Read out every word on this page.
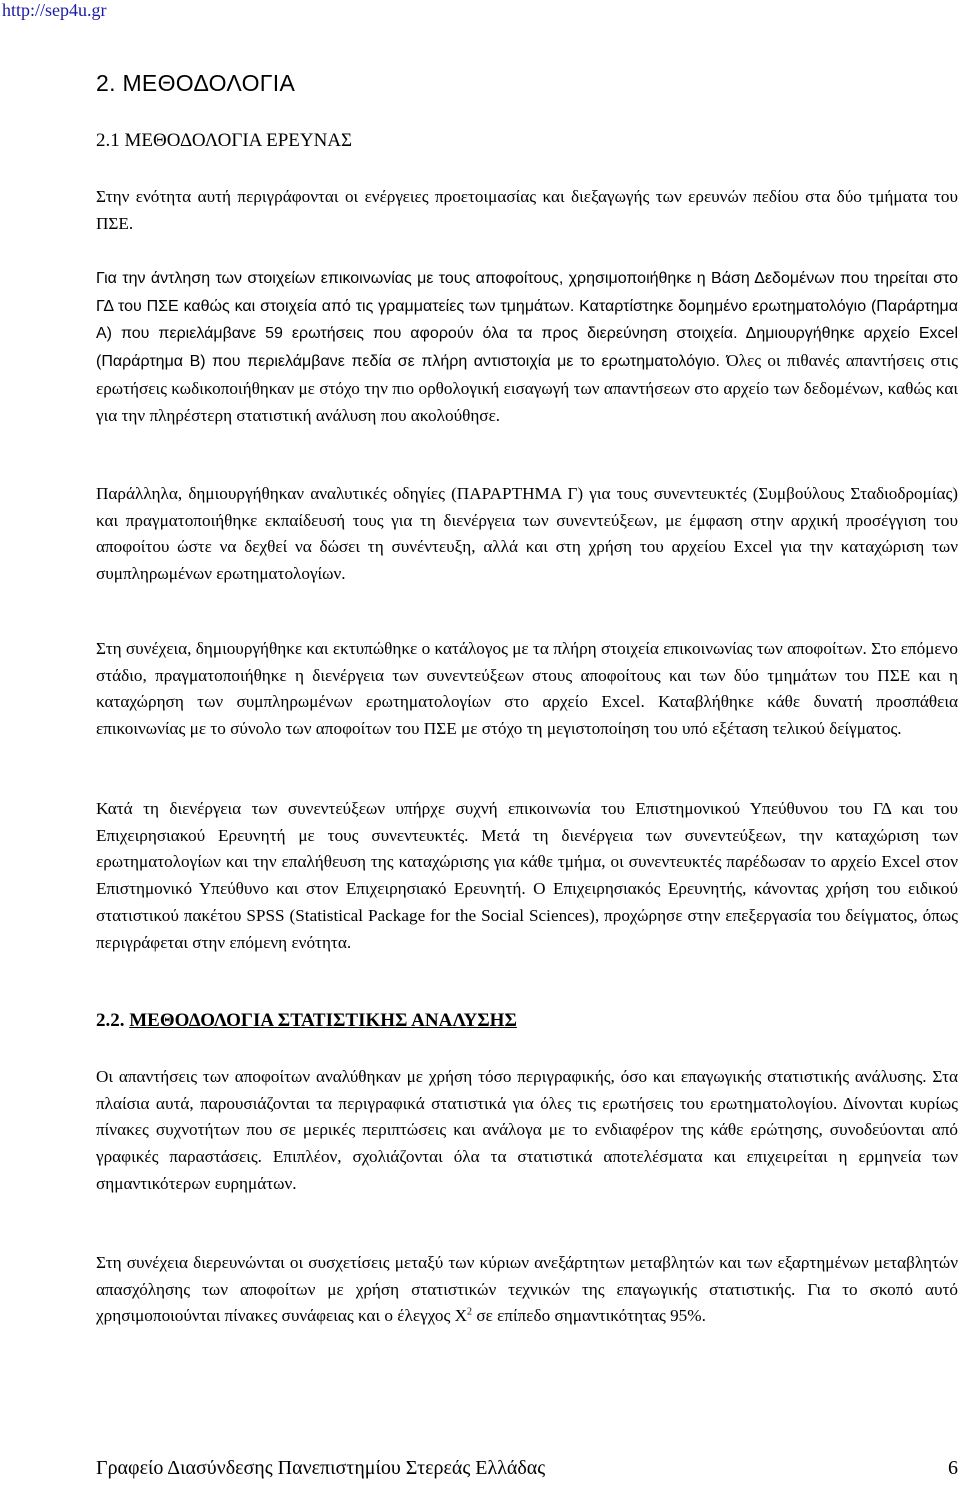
http://sep4u.gr
2. ΜΕΘΟΔΟΛΟΓΙΑ
2.1 ΜΕΘΟΔΟΛΟΓΙΑ ΕΡΕΥΝΑΣ

Στην ενότητα αυτή περιγράφονται οι ενέργειες προετοιμασίας και διεξαγωγής των ερευνών πεδίου στα δύο τμήματα του ΠΣΕ.

Για την άντληση των στοιχείων επικοινωνίας με τους αποφοίτους, χρησιμοποιήθηκε η Βάση Δεδομένων που τηρείται στο ΓΔ του ΠΣΕ καθώς και στοιχεία από τις γραμματείες των τμημάτων. Καταρτίστηκε δομημένο ερωτηματολόγιο (Παράρτημα Α) που περιελάμβανε 59 ερωτήσεις που αφορούν όλα τα προς διερεύνηση στοιχεία. Δημιουργήθηκε αρχείο Excel (Παράρτημα Β) που περιελάμβανε πεδία σε πλήρη αντιστοιχία με το ερωτηματολόγιο. Όλες οι πιθανές απαντήσεις στις ερωτήσεις κωδικοποιήθηκαν με στόχο την πιο ορθολογική εισαγωγή των απαντήσεων στο αρχείο των δεδομένων, καθώς και για την πληρέστερη στατιστική ανάλυση που ακολούθησε.

Παράλληλα, δημιουργήθηκαν αναλυτικές οδηγίες (ΠΑΡΑΡΤΗΜΑ Γ) για τους συνεντευκτές (Συμβούλους Σταδιοδρομίας) και πραγματοποιήθηκε εκπαίδευσή τους για τη διενέργεια των συνεντεύξεων, με έμφαση στην αρχική προσέγγιση του αποφοίτου ώστε να δεχθεί να δώσει τη συνέντευξη, αλλά και στη χρήση του αρχείου Excel για την καταχώριση των συμπληρωμένων ερωτηματολογίων.

Στη συνέχεια, δημιουργήθηκε και εκτυπώθηκε ο κατάλογος με τα πλήρη στοιχεία επικοινωνίας των αποφοίτων. Στο επόμενο στάδιο, πραγματοποιήθηκε η διενέργεια των συνεντεύξεων στους αποφοίτους και των δύο τμημάτων του ΠΣΕ και η καταχώρηση των συμπληρωμένων ερωτηματολογίων στο αρχείο Excel. Καταβλήθηκε κάθε δυνατή προσπάθεια επικοινωνίας με το σύνολο των αποφοίτων του ΠΣΕ με στόχο τη μεγιστοποίηση του υπό εξέταση τελικού δείγματος.

Κατά τη διενέργεια των συνεντεύξεων υπήρχε συχνή επικοινωνία του Επιστημονικού Υπεύθυνου του ΓΔ και του Επιχειρησιακού Ερευνητή με τους συνεντευκτές. Μετά τη διενέργεια των συνεντεύξεων, την καταχώριση των ερωτηματολογίων και την επαλήθευση της καταχώρισης για κάθε τμήμα, οι συνεντευκτές παρέδωσαν το αρχείο Excel στον Επιστημονικό Υπεύθυνο και στον Επιχειρησιακό Ερευνητή. Ο Επιχειρησιακός Ερευνητής, κάνοντας χρήση του ειδικού στατιστικού πακέτου SPSS (Statistical Package for the Social Sciences), προχώρησε στην επεξεργασία του δείγματος, όπως περιγράφεται στην επόμενη ενότητα.

2.2. ΜΕΘΟΔΟΛΟΓΙΑ ΣΤΑΤΙΣΤΙΚΗΣ ΑΝΑΛΥΣΗΣ

Οι απαντήσεις των αποφοίτων αναλύθηκαν με χρήση τόσο περιγραφικής, όσο και επαγωγικής στατιστικής ανάλυσης. Στα πλαίσια αυτά, παρουσιάζονται τα περιγραφικά στατιστικά για όλες τις ερωτήσεις του ερωτηματολογίου. Δίνονται κυρίως πίνακες συχνοτήτων που σε μερικές περιπτώσεις και ανάλογα με το ενδιαφέρον της κάθε ερώτησης, συνοδεύονται από γραφικές παραστάσεις. Επιπλέον, σχολιάζονται όλα τα στατιστικά αποτελέσματα και επιχειρείται η ερμηνεία των σημαντικότερων ευρημάτων.

Στη συνέχεια διερευνώνται οι συσχετίσεις μεταξύ των κύριων ανεξάρτητων μεταβλητών και των εξαρτημένων μεταβλητών απασχόλησης των αποφοίτων με χρήση στατιστικών τεχνικών της επαγωγικής στατιστικής. Για το σκοπό αυτό χρησιμοποιούνται πίνακες συνάφειας και ο έλεγχος $X^2$ σε επίπεδο σημαντικότητας 95%.

Γραφείο Διασύνδεσης Πανεπιστημίου Στερεάς Ελλάδας	6
